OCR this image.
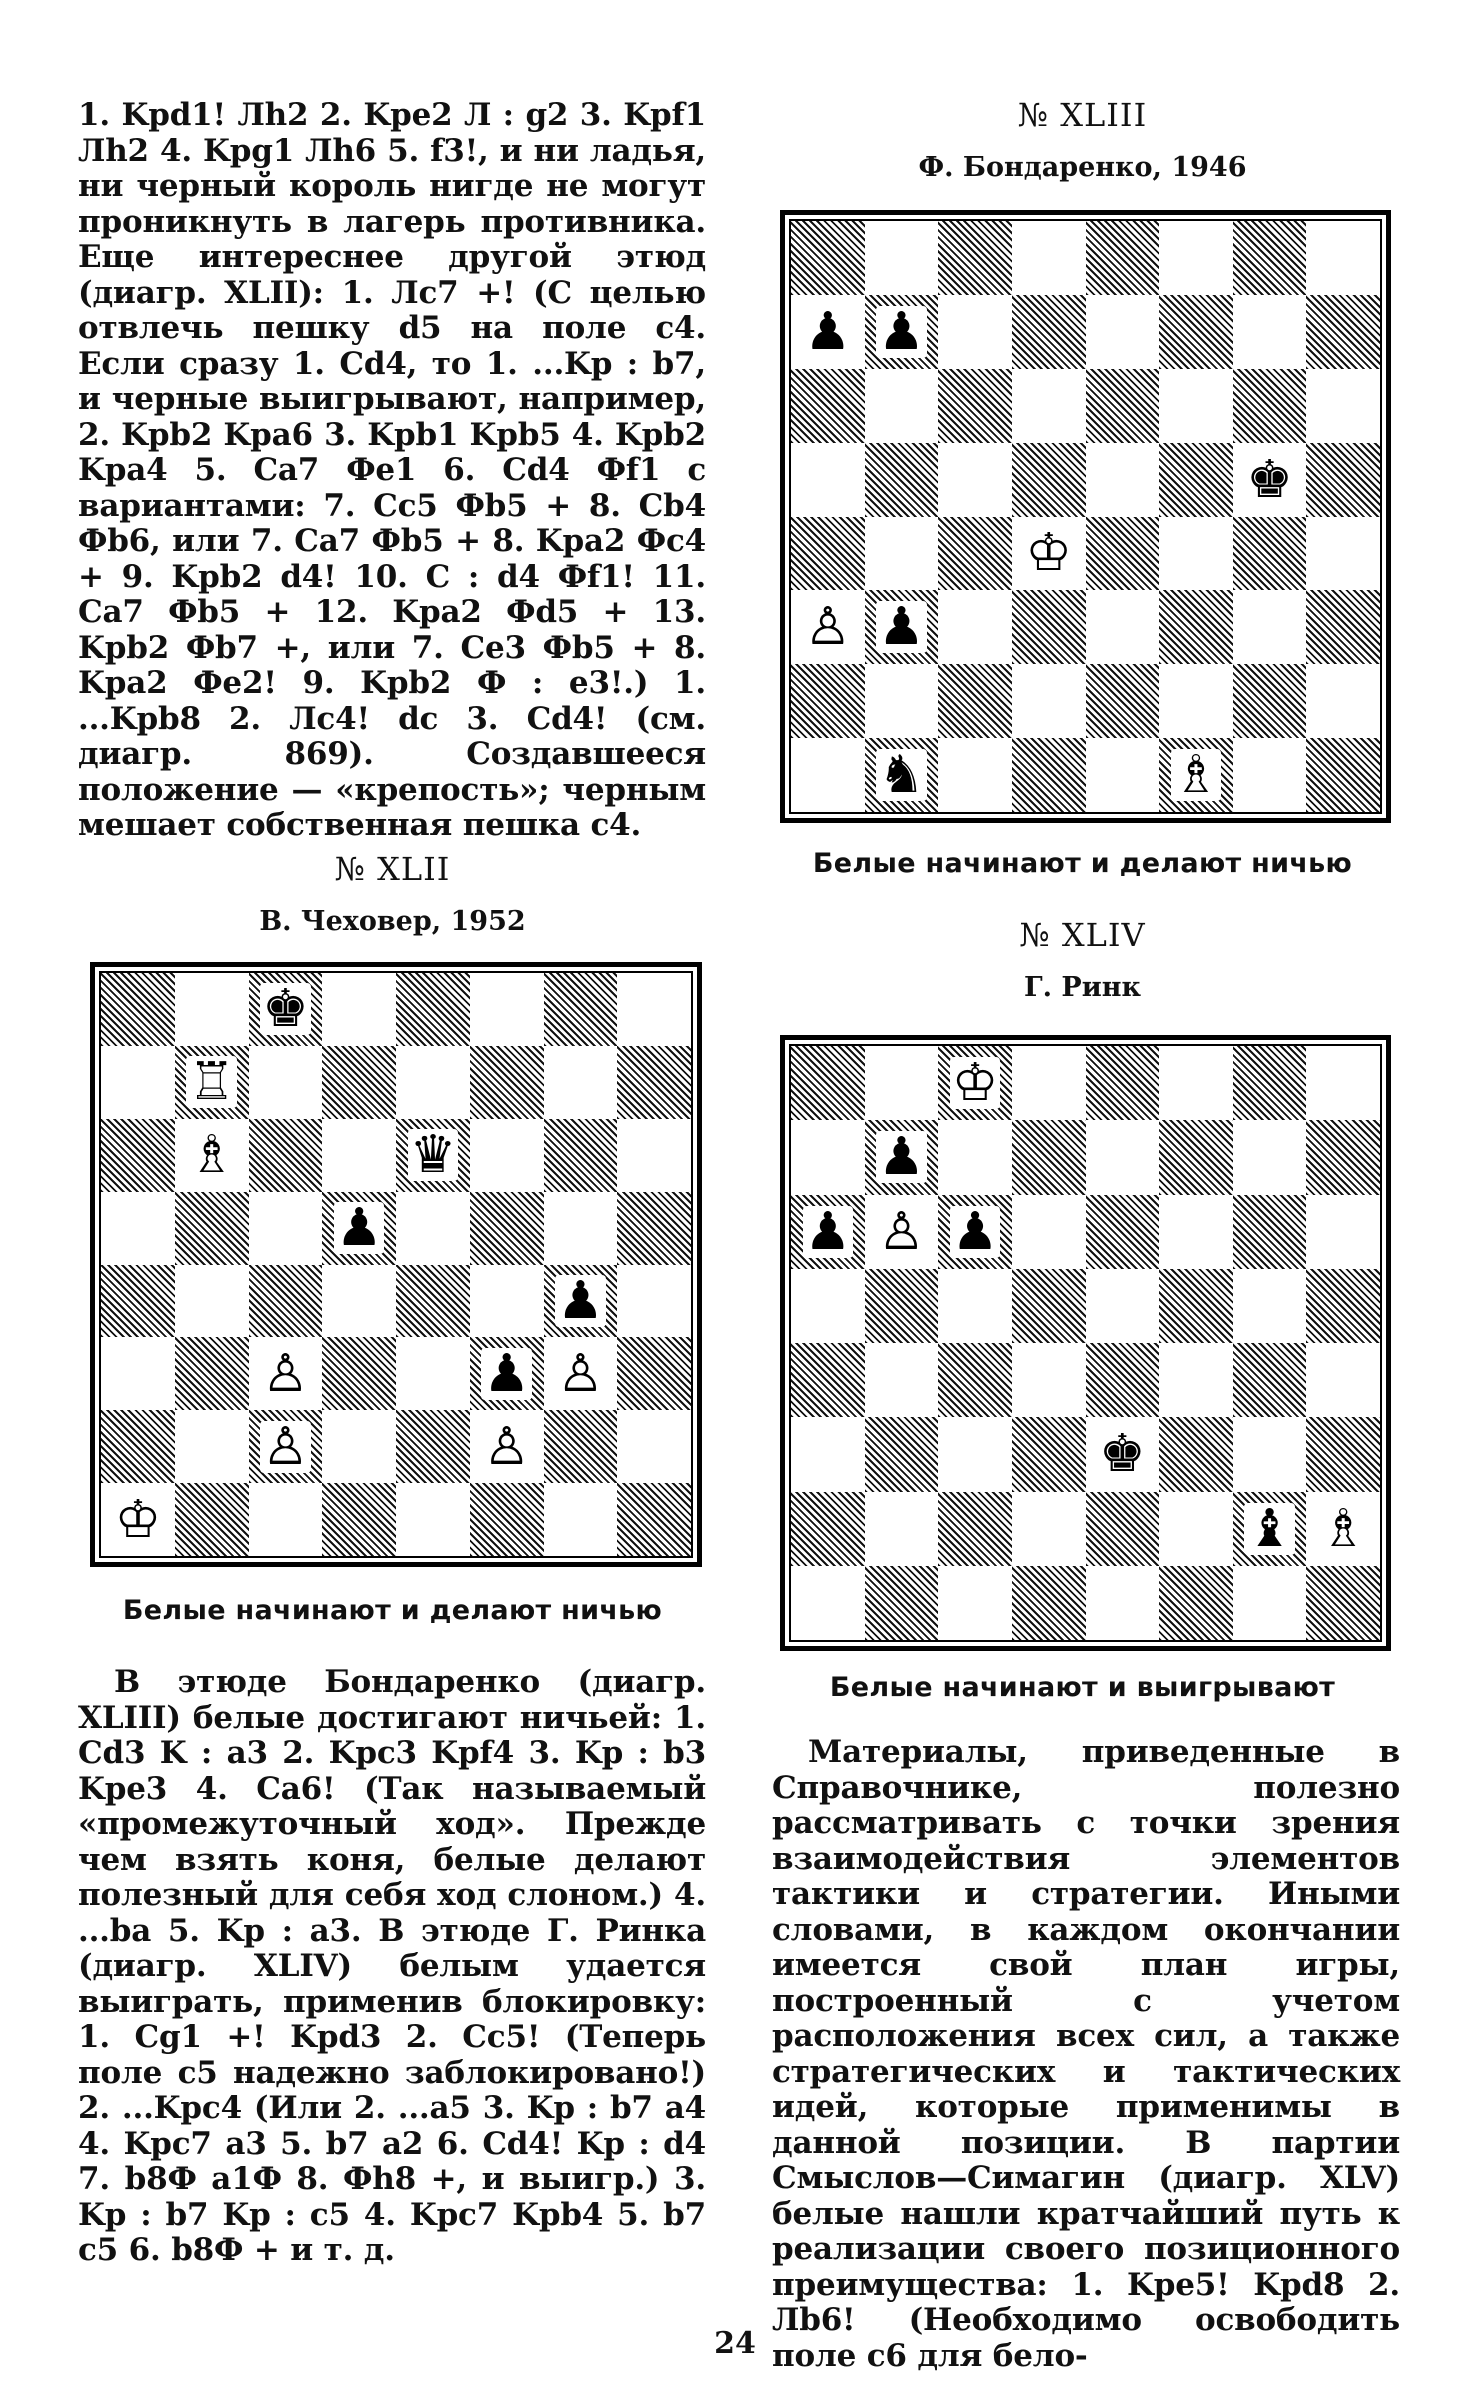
1. Kpd1! Лh2 2. Kpe2 Л : g2 3. Kpf1 Лh2 4. Kpg1 Лh6 5. f3!, и ни ладья, ни черный король нигде не могут проникнуть в лагерь противника. Еще интереснее другой этюд (диагр. XLII): 1. Лc7 +! (С целью отвлечь пешку d5 на поле c4. Если сразу 1. Cd4, то 1. ...Kp : b7, и черные выигрывают, например, 2. Kpb2 Kpa6 3. Kpb1 Kpb5 4. Kpb2 Kpa4 5. Ca7 Фe1 6. Cd4 Фf1 с вариантами: 7. Cc5 Фb5 + 8. Cb4 Фb6, или 7. Ca7 Фb5 + 8. Kpa2 Фc4 + 9. Kpb2 d4! 10. C : d4 Фf1! 11. Ca7 Фb5 + 12. Kpa2 Фd5 + 13. Kpb2 Фb7 +, или 7. Ce3 Фb5 + 8. Kpa2 Фe2! 9. Kpb2 Ф : e3!.) 1. ...Kpb8 2. Лc4! dc 3. Cd4! (см. диагр. 869). Создавшееся положение — «крепость»; черным мешает собственная пешка c4.

№ XLII
В. Чеховер, 1952
♚
♖
♗	♛
♟
♟
♙	♟ ♙
♙	♙
♔
Белые начинают и делают ничью

В этюде Бондаренко (диагр. XLIII) белые достигают ничьей: 1. Cd3 K : a3 2. Kpc3 Kpf4 3. Kp : b3 Kpe3 4. Ca6! (Так называемый «промежуточный ход». Прежде чем взять коня, белые делают полезный для себя ход слоном.) 4. ...ba 5. Kp : a3. В этюде Г. Ринка (диагр. XLIV) белым удается выиграть, применив блокировку: 1. Cg1 +! Kpd3 2. Cc5! (Теперь поле c5 надежно заблокировано!) 2. ...Kpc4 (Или 2. ...a5 3. Kp : b7 a4 4. Kpc7 a3 5. b7 a2 6. Cd4! Kp : d4 7. b8Ф a1Ф 8. Фh8 +, и выигр.) 3. Kp : b7 Kp : c5 4. Kpc7 Kpb4 5. b7 c5 6. b8Ф + и т. д.

№ XLIII
Ф. Бондаренко, 1946
♟ ♟
♚
♔
♙ ♟
♞	♗
Белые начинают и делают ничью
№ XLIV
Г. Ринк
♔
♟
♟ ♙ ♟
♚
♝ ♗
Белые начинают и выигрывают

Материалы, приведенные в Справочнике, полезно рассматривать с точки зрения взаимодействия элементов тактики и стратегии. Иными словами, в каждом окончании имеется свой план игры, построенный с учетом расположения всех сил, а также стратегических и тактических идей, которые применимы в данной позиции. В партии Смыслов—Симагин (диагр. XLV) белые нашли кратчайший путь к реализации своего позиционного преимущества: 1. Kpe5! Kpd8 2. Лb6! (Необходимо освободить поле c6 для бело-

24
